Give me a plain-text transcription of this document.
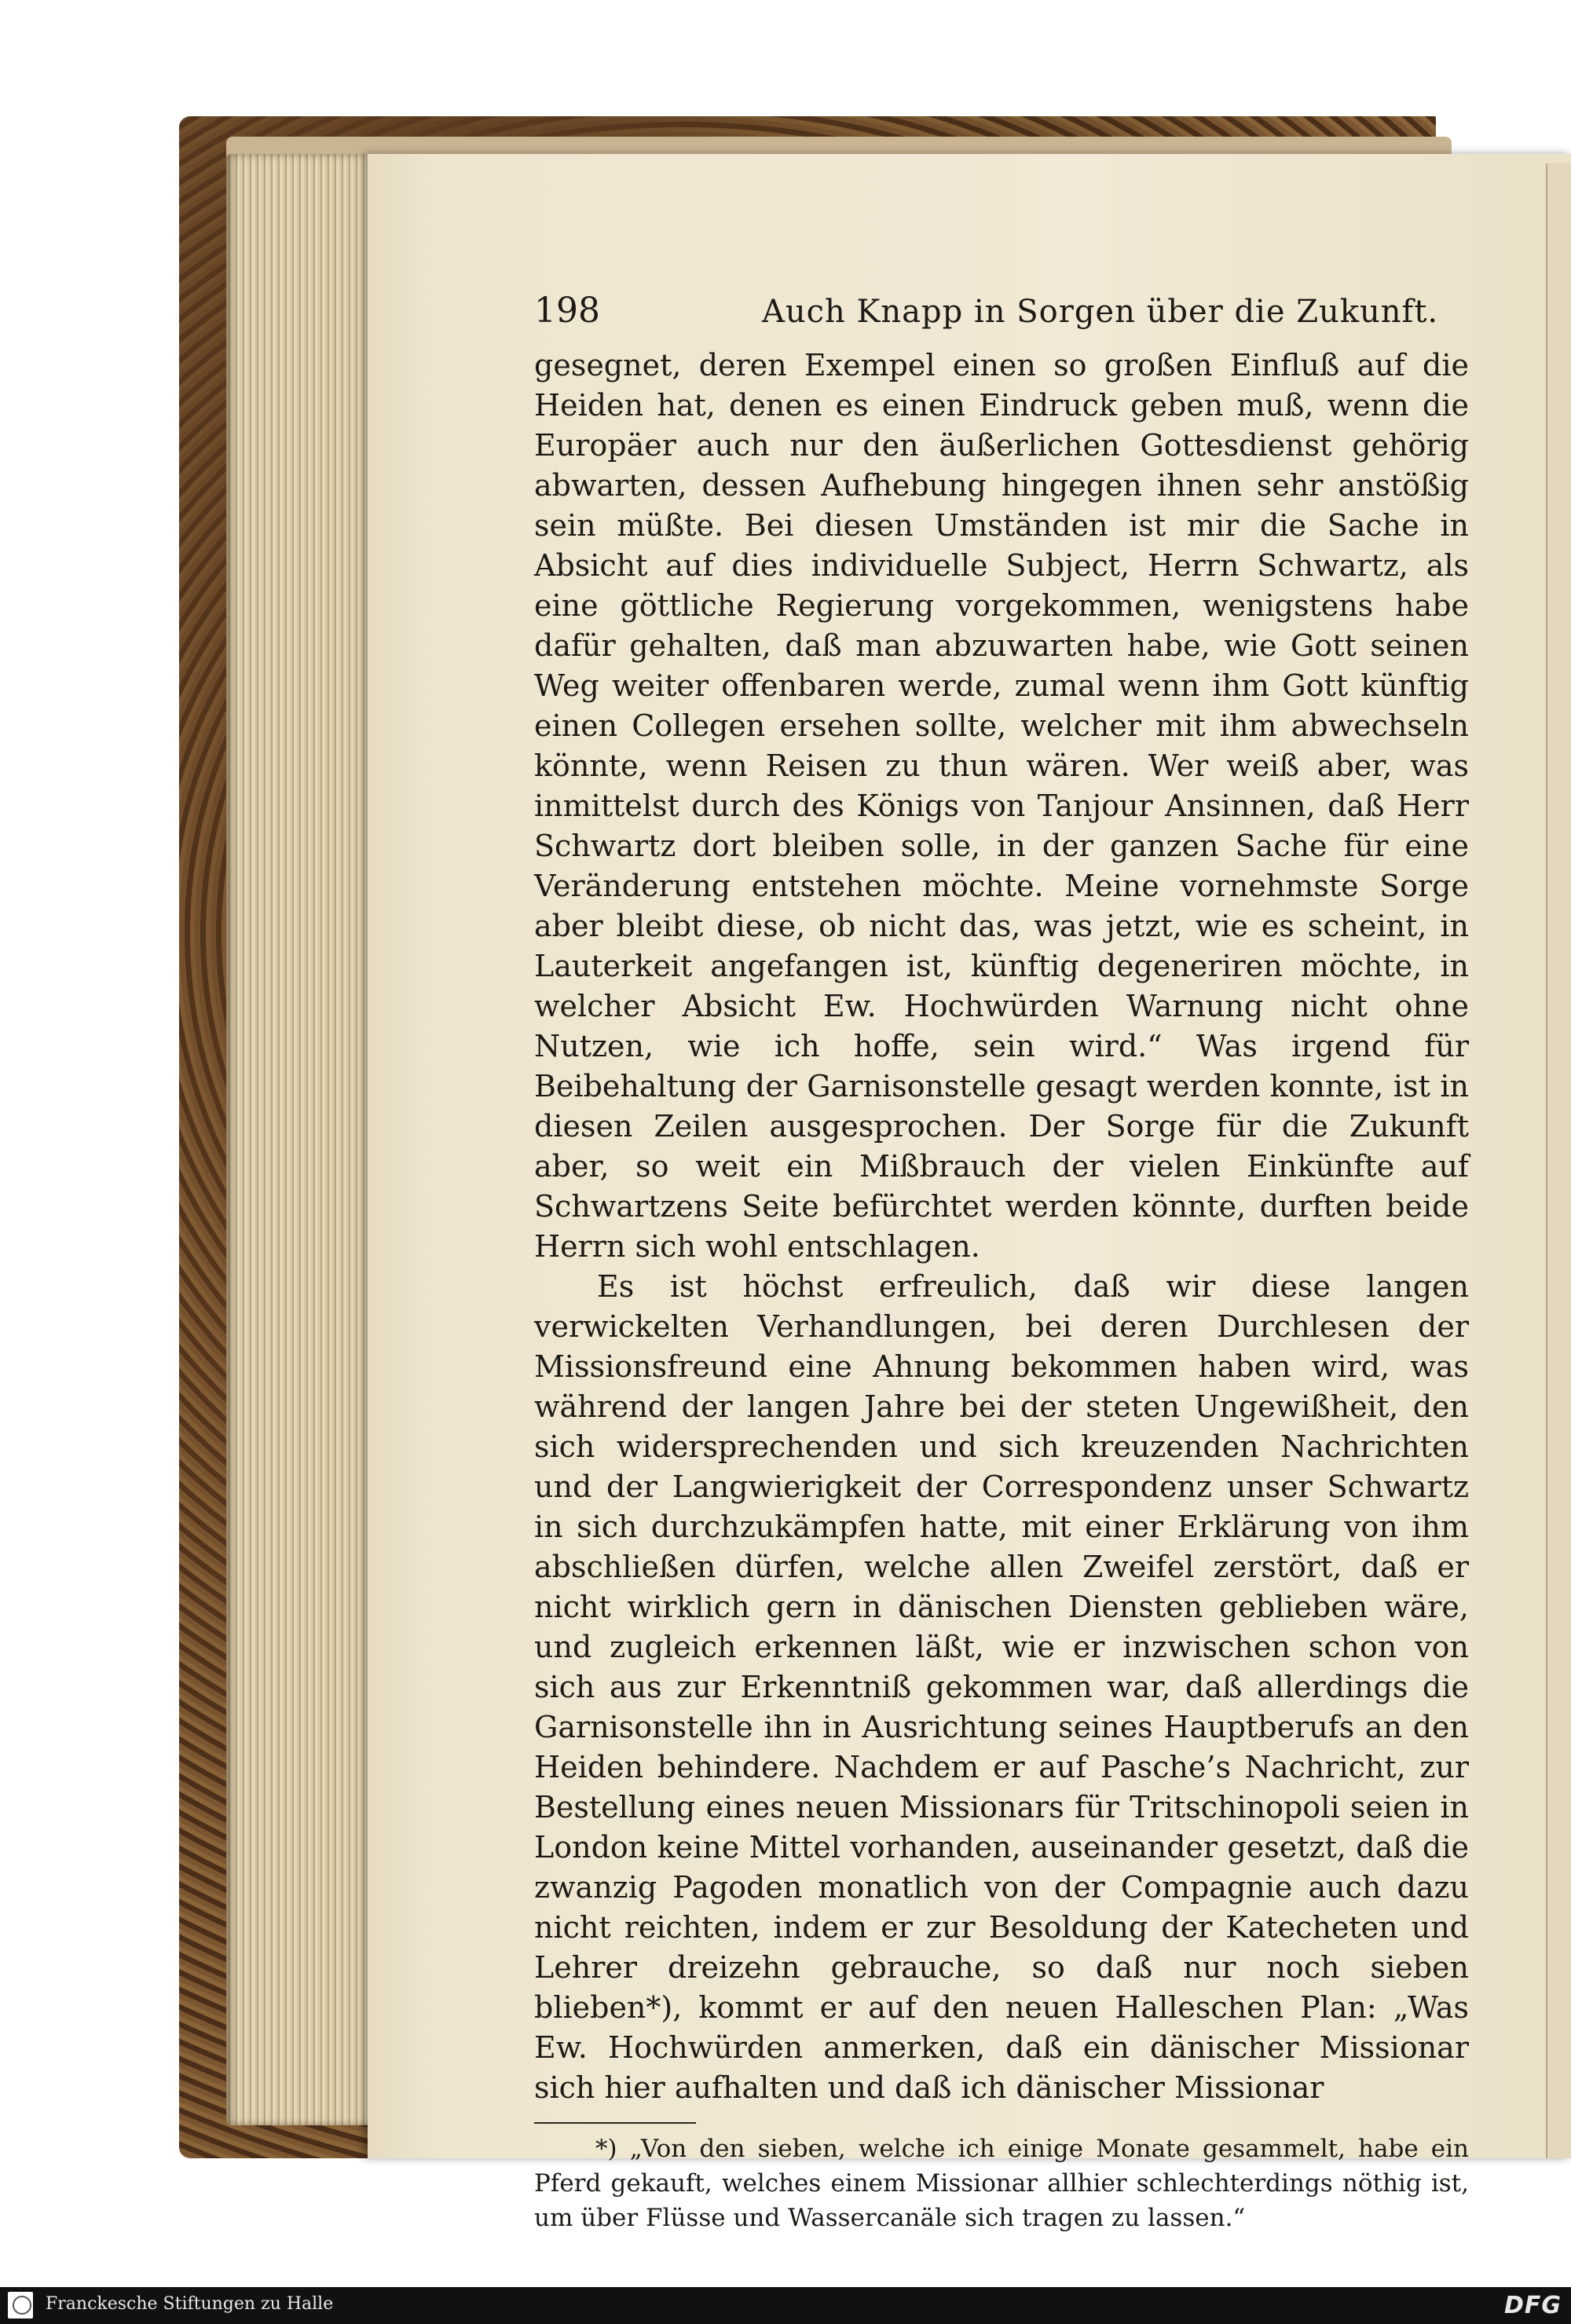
198	Auch Knapp in Sorgen über die Zukunft.

gesegnet, deren Exempel einen so großen Einfluß auf die Heiden hat, denen es einen Eindruck geben muß, wenn die Europäer auch nur den äußerlichen Gottesdienst gehörig abwarten, dessen Aufhebung hingegen ihnen sehr anstößig sein müßte. Bei diesen Umständen ist mir die Sache in Absicht auf dies individuelle Subject, Herrn Schwartz, als eine göttliche Regierung vorgekommen, wenigstens habe dafür gehalten, daß man abzuwarten habe, wie Gott seinen Weg weiter offenbaren werde, zumal wenn ihm Gott künftig einen Collegen ersehen sollte, welcher mit ihm abwechseln könnte, wenn Reisen zu thun wären. Wer weiß aber, was inmittelst durch des Königs von Tanjour Ansinnen, daß Herr Schwartz dort bleiben solle, in der ganzen Sache für eine Veränderung entstehen möchte. Meine vornehmste Sorge aber bleibt diese, ob nicht das, was jetzt, wie es scheint, in Lauterkeit angefangen ist, künftig degeneriren möchte, in welcher Absicht Ew. Hochwürden Warnung nicht ohne Nutzen, wie ich hoffe, sein wird.“ Was irgend für Beibehaltung der Garnisonstelle gesagt werden konnte, ist in diesen Zeilen ausgesprochen. Der Sorge für die Zukunft aber, so weit ein Mißbrauch der vielen Einkünfte auf Schwartzens Seite befürchtet werden könnte, durften beide Herrn sich wohl entschlagen.

Es ist höchst erfreulich, daß wir diese langen verwickelten Verhandlungen, bei deren Durchlesen der Missionsfreund eine Ahnung bekommen haben wird, was während der langen Jahre bei der steten Ungewißheit, den sich widersprechenden und sich kreuzenden Nachrichten und der Langwierigkeit der Correspondenz unser Schwartz in sich durchzukämpfen hatte, mit einer Erklärung von ihm abschließen dürfen, welche allen Zweifel zerstört, daß er nicht wirklich gern in dänischen Diensten geblieben wäre, und zugleich erkennen läßt, wie er inzwischen schon von sich aus zur Erkenntniß gekommen war, daß allerdings die Garnisonstelle ihn in Ausrichtung seines Hauptberufs an den Heiden behindere. Nachdem er auf Pasche’s Nachricht, zur Bestellung eines neuen Missionars für Tritschinopoli seien in London keine Mittel vorhanden, auseinander gesetzt, daß die zwanzig Pagoden monatlich von der Compagnie auch dazu nicht reichten, indem er zur Besoldung der Katecheten und Lehrer dreizehn gebrauche, so daß nur noch sieben blieben*), kommt er auf den neuen Halleschen Plan: „Was Ew. Hochwürden anmerken, daß ein dänischer Missionar sich hier aufhalten und daß ich dänischer Missionar

*) „Von den sieben, welche ich einige Monate gesammelt, habe ein Pferd gekauft, welches einem Missionar allhier schlechterdings nöthig ist, um über Flüsse und Wassercanäle sich tragen zu lassen.“

Franckesche Stiftungen zu Halle	DFG
